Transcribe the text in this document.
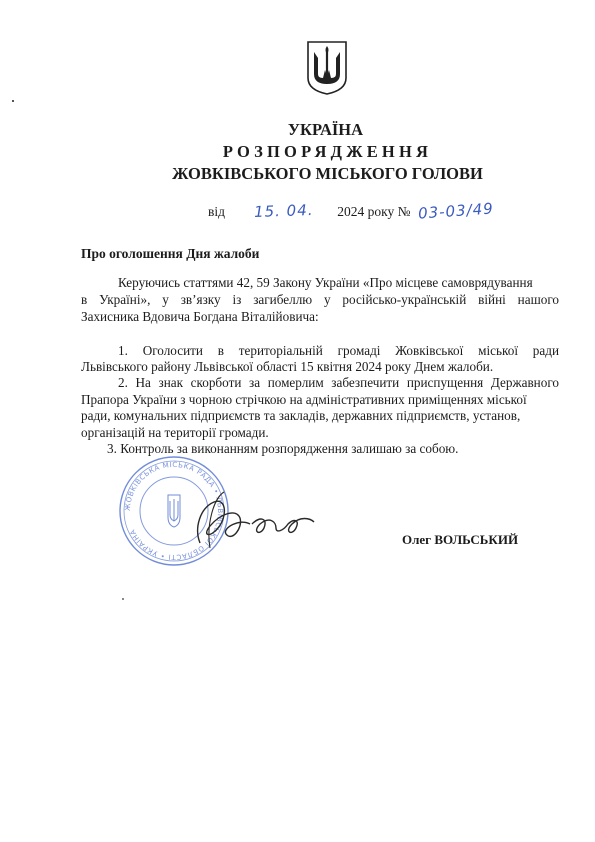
УКРАЇНА
РОЗПОРЯДЖЕННЯ
ЖОВКІВСЬКОГО МІСЬКОГО ГОЛОВИ
від 15. 04. 2024 року № 03-03/49
Про оголошення Дня жалоби
Керуючись статтями 42, 59 Закону України «Про місцеве самоврядування
в Україні», у зв’язку із загибеллю у російсько-українській війні нашого
Захисника Вдовича Богдана Віталійовича:
1. Оголосити в територіальній громаді Жовківської міської ради
Львівського району Львівської області 15 квітня 2024 року Днем жалоби.
2. На знак скорботи за померлим забезпечити приспущення Державного
Прапора України з чорною стрічкою на адміністративних приміщеннях міської
ради, комунальних підприємств та закладів, державних підприємств, установ,
організацій на території громади.
3. Контроль за виконанням розпорядження залишаю за собою.
ЖОВКІВСЬКА МІСЬКА РАДА • ЛЬВІВСЬКОЇ ОБЛАСТІ • УКРАЇНА
Олег ВОЛЬСЬКИЙ
